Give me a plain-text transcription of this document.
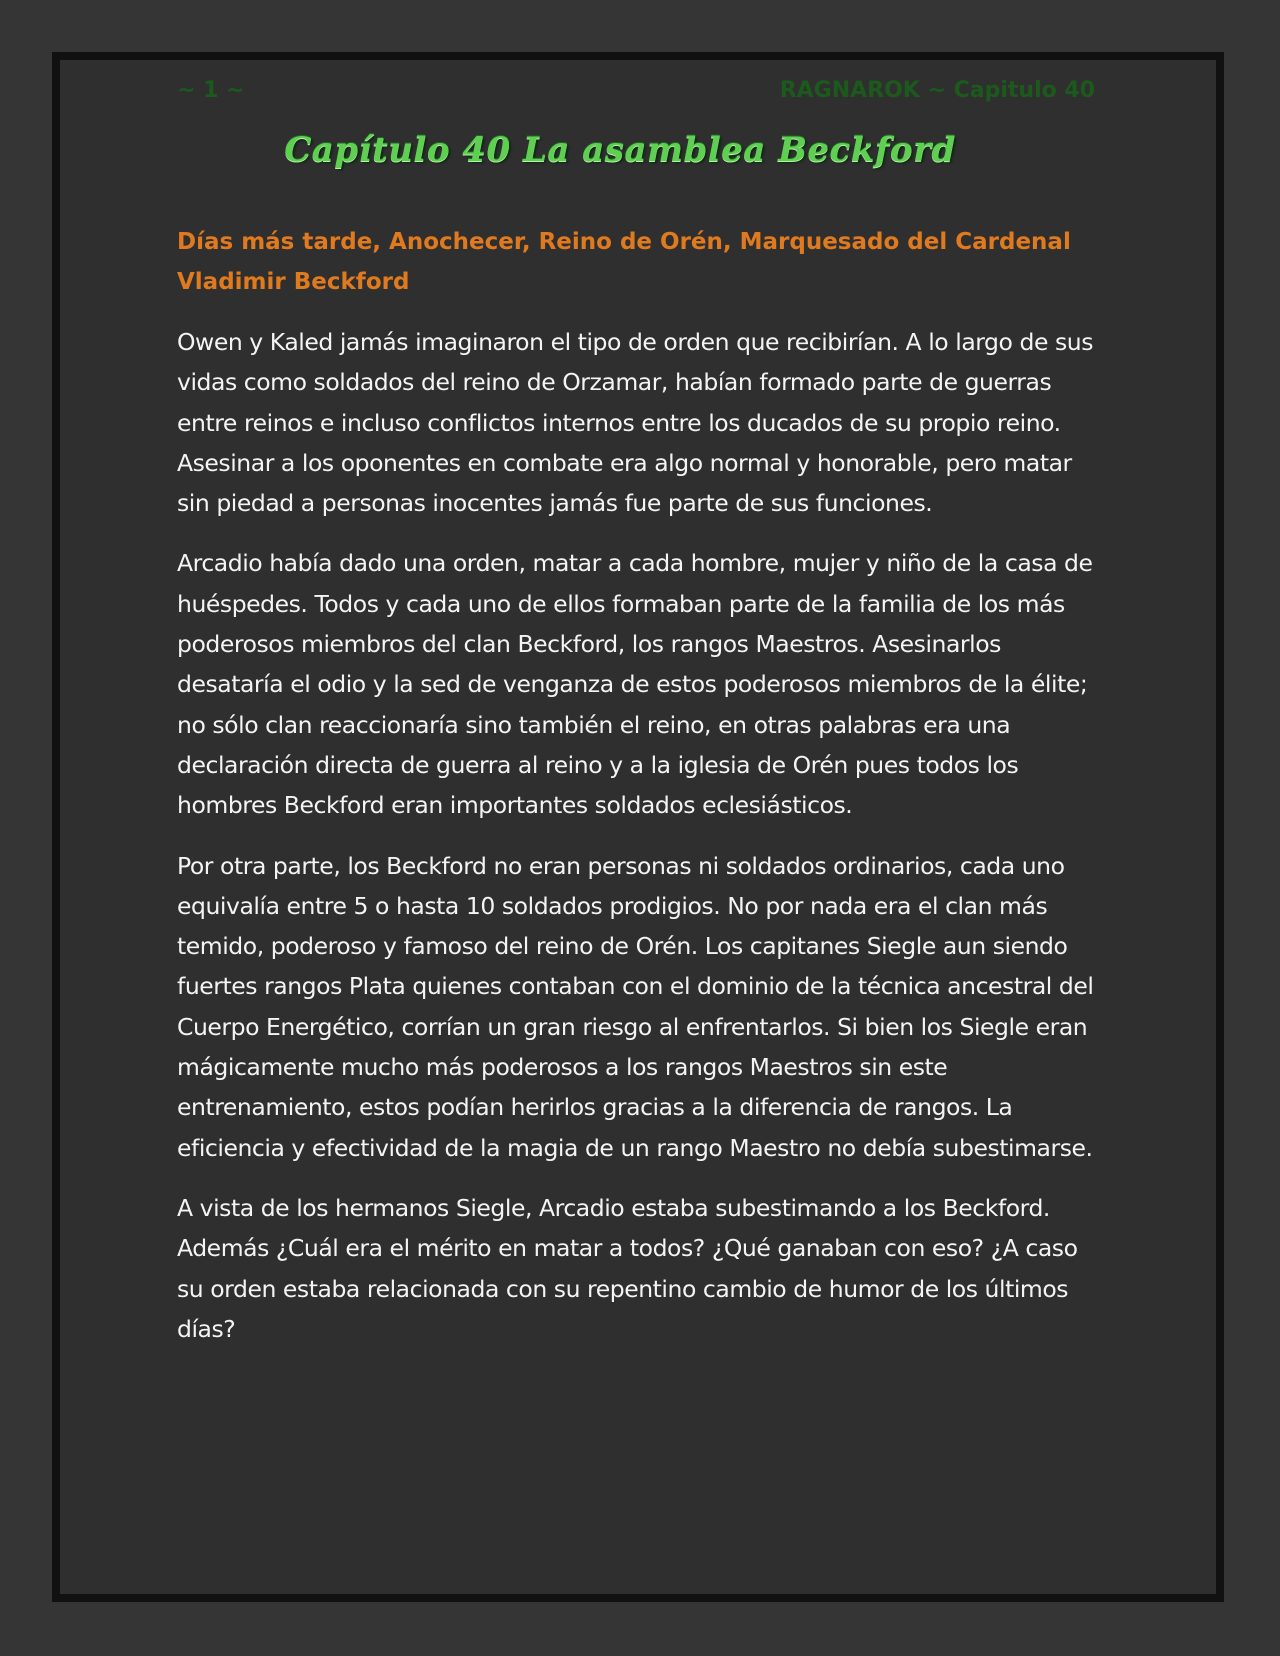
~ 1 ~	RAGNAROK ~ Capitulo 40
Capítulo 40 La asamblea Beckford
Días más tarde, Anochecer, Reino de Orén, Marquesado del Cardenal Vladimir Beckford

Owen y Kaled jamás imaginaron el tipo de orden que recibirían. A lo largo de sus vidas como soldados del reino de Orzamar, habían formado parte de guerras entre reinos e incluso conflictos internos entre los ducados de su propio reino. Asesinar a los oponentes en combate era algo normal y honorable, pero matar sin piedad a personas inocentes jamás fue parte de sus funciones.

Arcadio había dado una orden, matar a cada hombre, mujer y niño de la casa de huéspedes. Todos y cada uno de ellos formaban parte de la familia de los más poderosos miembros del clan Beckford, los rangos Maestros. Asesinarlos desataría el odio y la sed de venganza de estos poderosos miembros de la élite; no sólo clan reaccionaría sino también el reino, en otras palabras era una declaración directa de guerra al reino y a la iglesia de Orén pues todos los hombres Beckford eran importantes soldados eclesiásticos.

Por otra parte, los Beckford no eran personas ni soldados ordinarios, cada uno equivalía entre 5 o hasta 10 soldados prodigios. No por nada era el clan más temido, poderoso y famoso del reino de Orén. Los capitanes Siegle aun siendo fuertes rangos Plata quienes contaban con el dominio de la técnica ancestral del Cuerpo Energético, corrían un gran riesgo al enfrentarlos. Si bien los Siegle eran mágicamente mucho más poderosos a los rangos Maestros sin este entrenamiento, estos podían herirlos gracias a la diferencia de rangos. La eficiencia y efectividad de la magia de un rango Maestro no debía subestimarse.

A vista de los hermanos Siegle, Arcadio estaba subestimando a los Beckford. Además ¿Cuál era el mérito en matar a todos? ¿Qué ganaban con eso? ¿A caso su orden estaba relacionada con su repentino cambio de humor de los últimos días?
